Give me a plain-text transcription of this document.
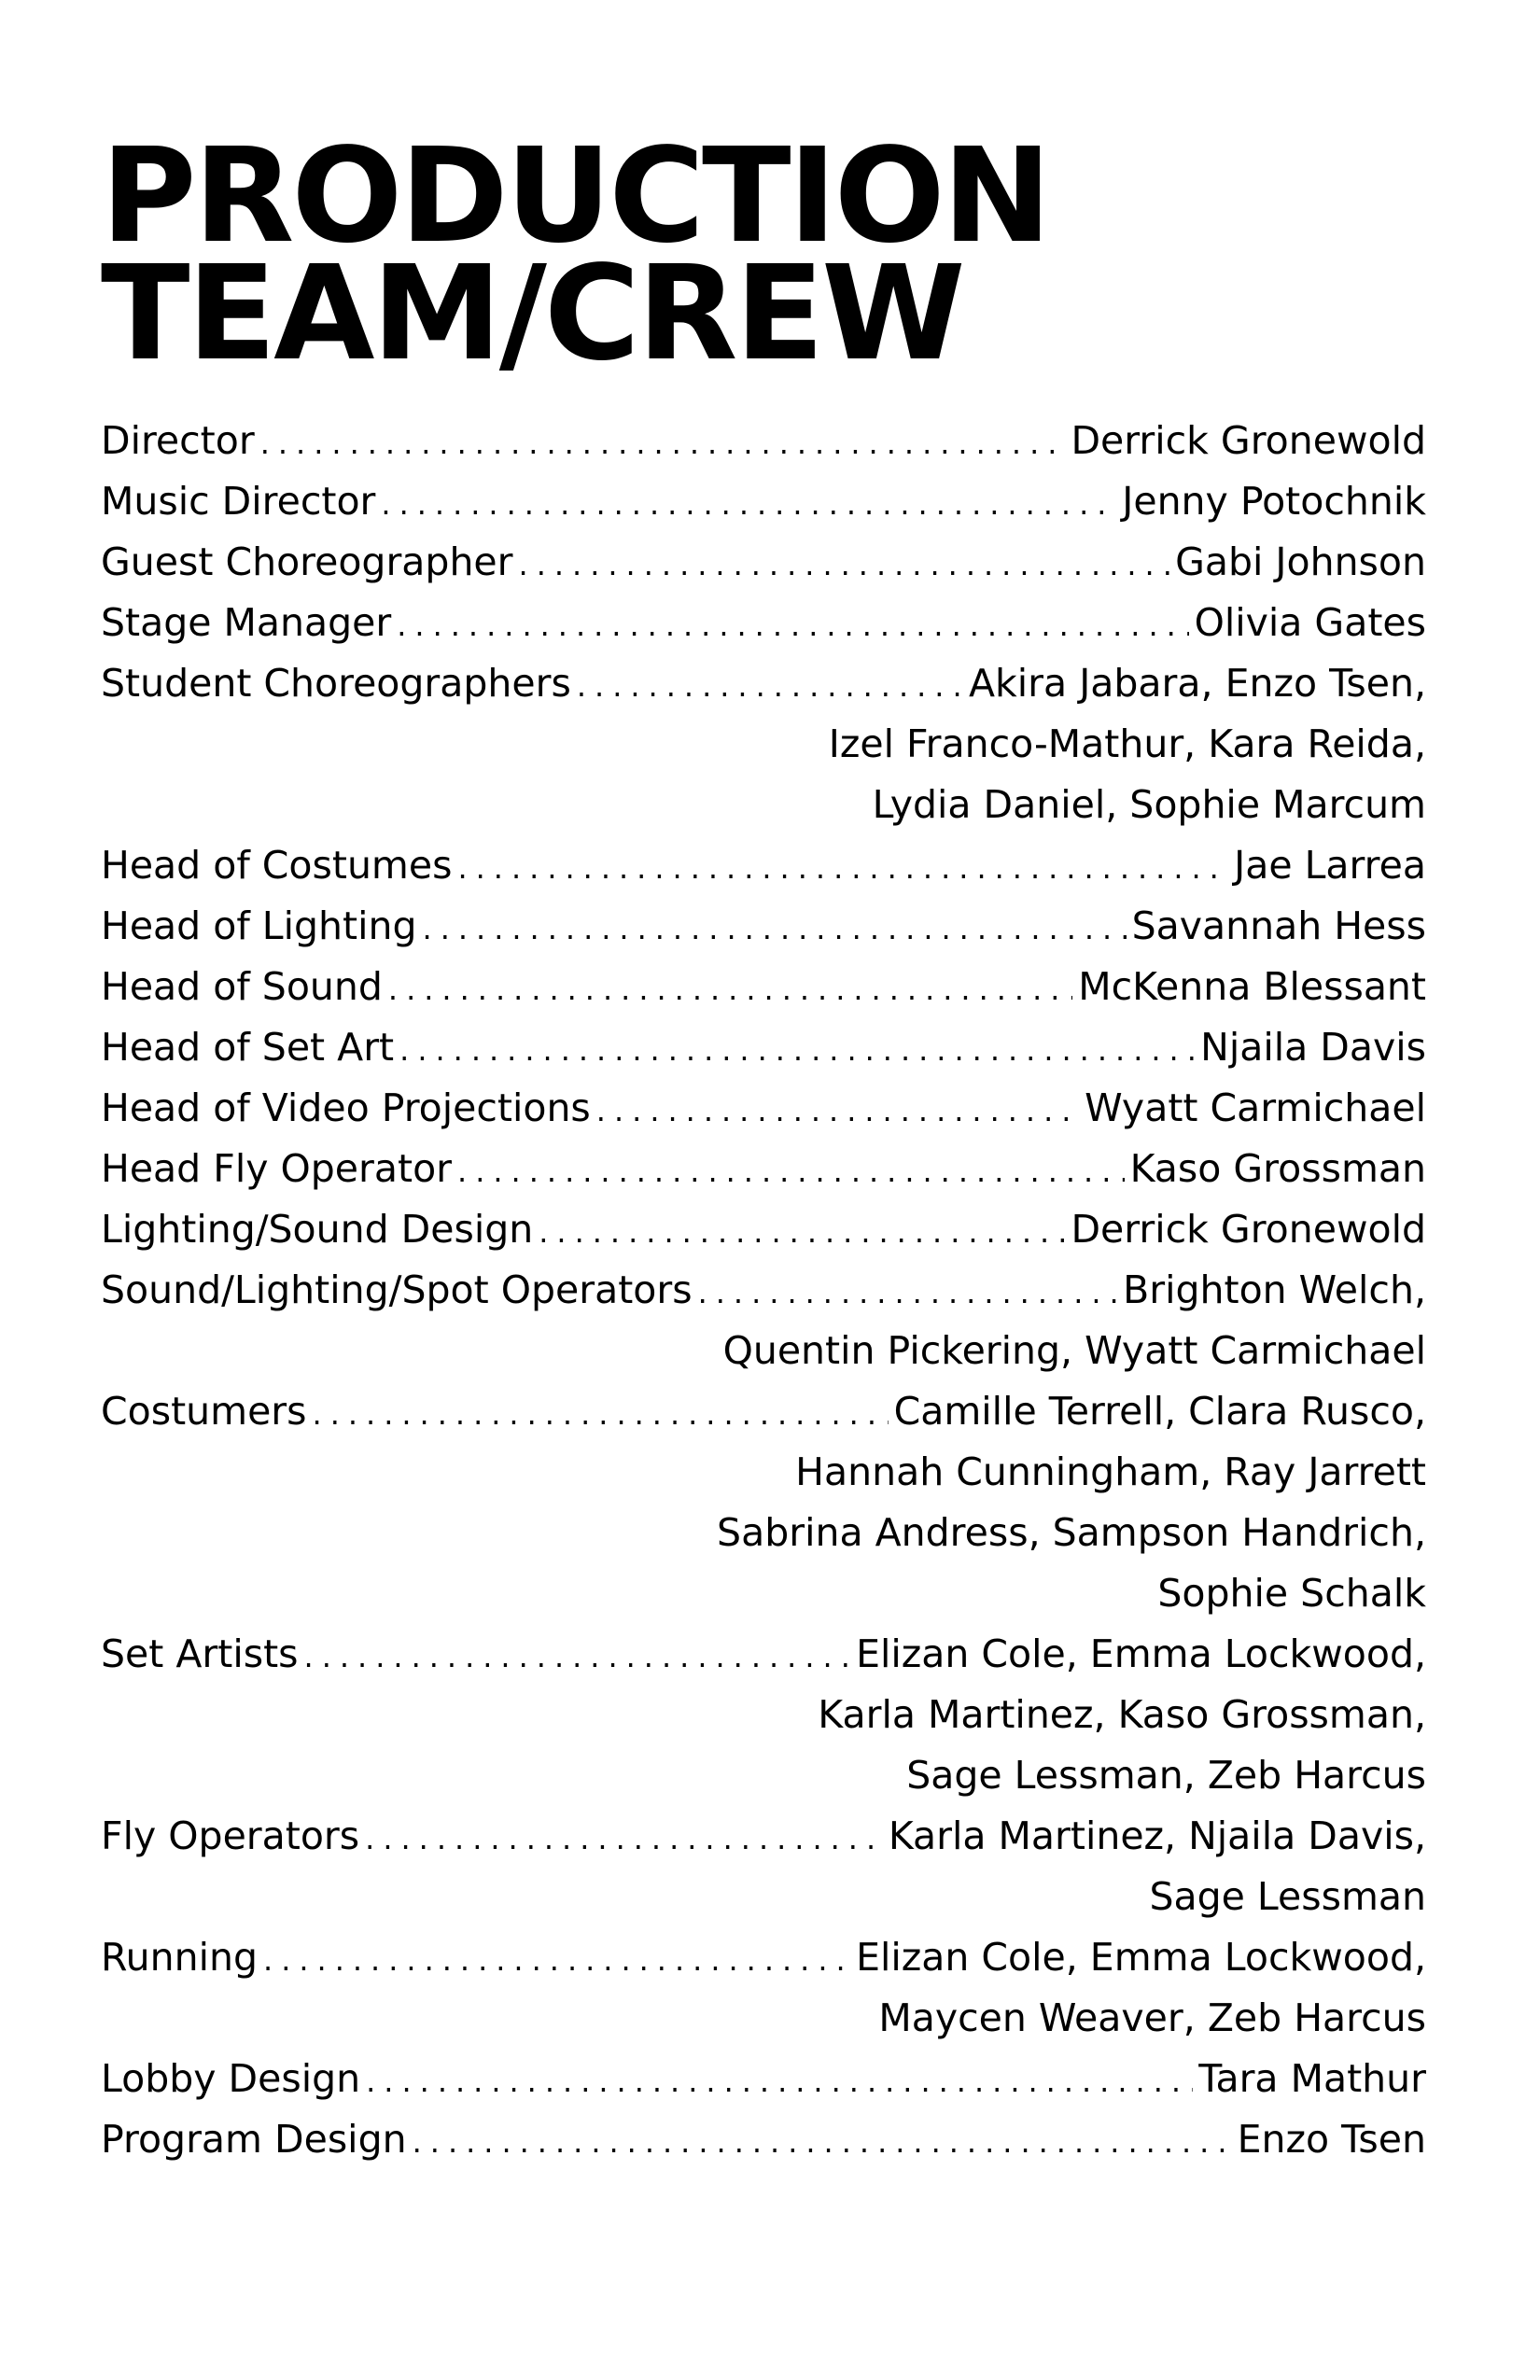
PRODUCTION
TEAM/CREW
Director .....	Derrick Gronewold
Music Director .....	Jenny Potochnik
Guest Choreographer .....	Gabi Johnson
Stage Manager .....	Olivia Gates
Student Choreographers .....	Akira Jabara, Enzo Tsen,
Izel Franco-Mathur, Kara Reida,
Lydia Daniel, Sophie Marcum
Head of Costumes .....	Jae Larrea
Head of Lighting .....	Savannah Hess
Head of Sound .....	McKenna Blessant
Head of Set Art .....	Njaila Davis
Head of Video Projections .....	Wyatt Carmichael
Head Fly Operator .....	Kaso Grossman
Lighting/Sound Design .....	Derrick Gronewold
Sound/Lighting/Spot Operators .....	Brighton Welch,
Quentin Pickering, Wyatt Carmichael
Costumers .....	Camille Terrell, Clara Rusco,
Hannah Cunningham, Ray Jarrett
Sabrina Andress, Sampson Handrich,
Sophie Schalk
Set Artists .....	Elizan Cole, Emma Lockwood,
Karla Martinez, Kaso Grossman,
Sage Lessman, Zeb Harcus
Fly Operators .....	Karla Martinez, Njaila Davis,
Sage Lessman
Running .....	Elizan Cole, Emma Lockwood,
Maycen Weaver, Zeb Harcus
Lobby Design .....	Tara Mathur
Program Design .....	Enzo Tsen
